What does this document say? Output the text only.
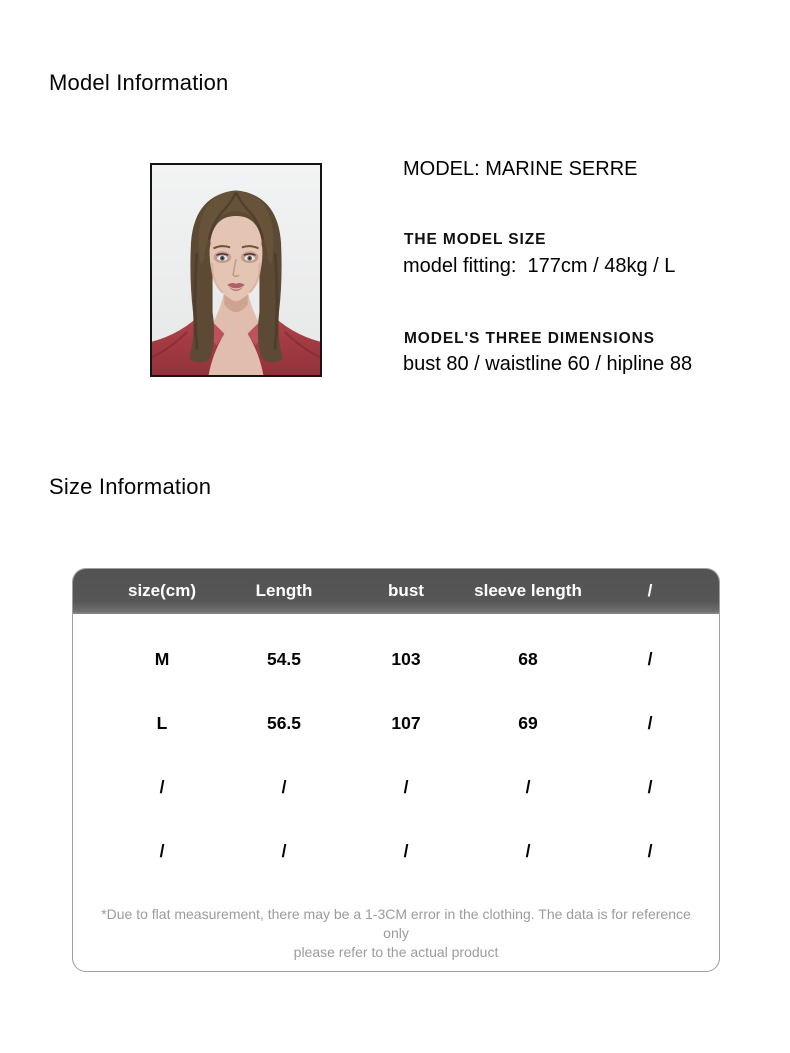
Model Information
MODEL: MARINE SERRE
THE MODEL SIZE
model fitting:  177cm / 48kg / L
MODEL'S THREE DIMENSIONS
bust 80 / waistline 60 / hipline 88
Size Information
size(cm)	Length	bust	sleeve length	/
M	54.5	103	68	/
L	56.5	107	69	/
/	/	/	/	/
/	/	/	/	/
*Due to flat measurement, there may be a 1-3CM error in the clothing. The data is for reference only
please refer to the actual product
